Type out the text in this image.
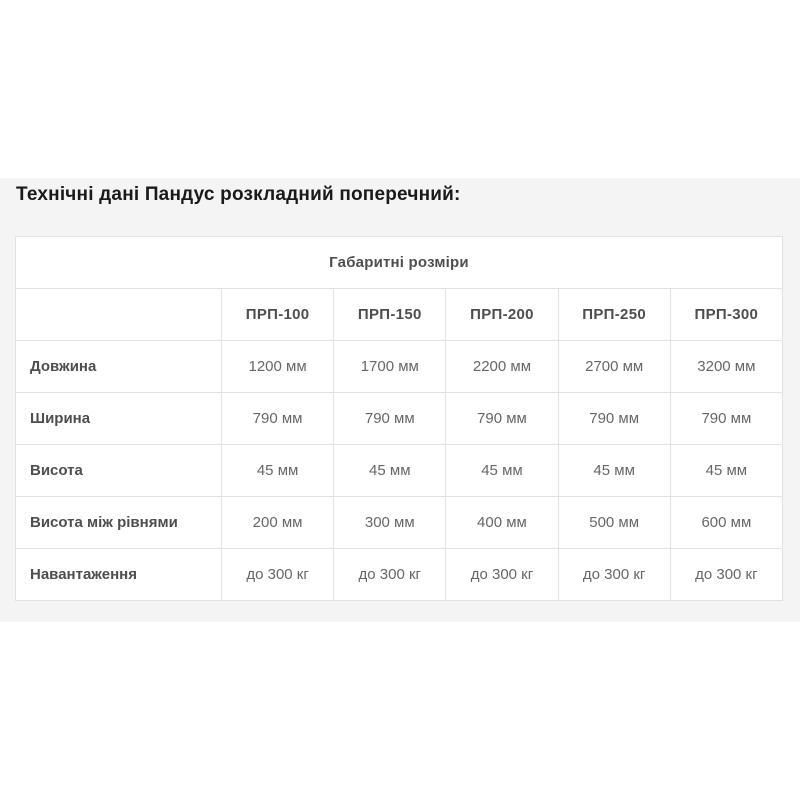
Технічні дані Пандус розкладний поперечний:
Габаритні розміри					
	ПРП-100	ПРП-150	ПРП-200	ПРП-250	ПРП-300
Довжина	1200 мм	1700 мм	2200 мм	2700 мм	3200 мм
Ширина	790 мм	790 мм	790 мм	790 мм	790 мм
Висота	45 мм	45 мм	45 мм	45 мм	45 мм
Висота між рівнями	200 мм	300 мм	400 мм	500 мм	600 мм
Навантаження	до 300 кг	до 300 кг	до 300 кг	до 300 кг	до 300 кг
